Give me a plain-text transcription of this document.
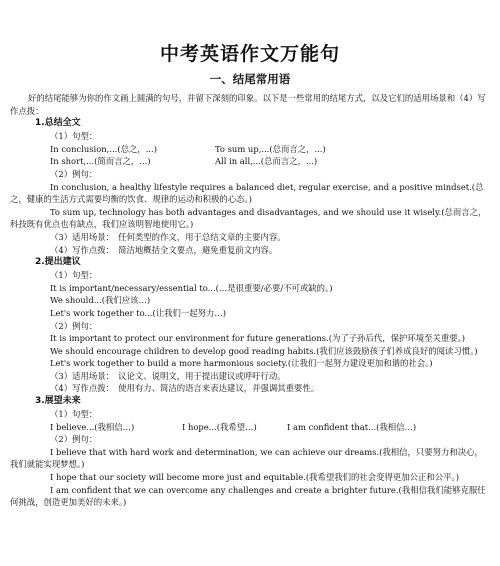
中考英语作文万能句
一、结尾常用语
好的结尾能够为你的作文画上圆满的句号，并留下深刻的印象。以下是一些常用的结尾方式，以及它们的适用场景和（4）写作点拨：
1.总结全文
（1）句型：
In conclusion,...(总之，...)	To sum up,...(总而言之，...)
In short,...(简而言之，...)	All in all,...(总而言之，...)
（2）例句：
In conclusion, a healthy lifestyle requires a balanced diet, regular exercise, and a positive mindset.(总之，健康的生活方式需要均衡的饮食、规律的运动和积极的心态。)
To sum up, technology has both advantages and disadvantages, and we should use it wisely.(总而言之，科技既有优点也有缺点，我们应该明智地使用它。)
（3）适用场景：　任何类型的作文，用于总结文章的主要内容。
（4）写作点拨：　简洁地概括全文要点，避免重复前文内容。
2.提出建议
（1）句型：
It is important/necessary/essential to...(…是很重要/必要/不可或缺的。)
We should...(我们应该…)
Let's work together to...(让我们一起努力…)
（2）例句：
It is important to protect our environment for future generations.(为了子孙后代，保护环境至关重要。)
We should encourage children to develop good reading habits.(我们应该鼓励孩子们养成良好的阅读习惯。)
Let's work together to build a more harmonious society.(让我们一起努力建设更加和谐的社会。)
（3）适用场景：　议论文、说明文，用于提出建议或呼吁行动。
（4）写作点拨：　使用有力、简洁的语言来表达建议，并强调其重要性。
3.展望未来
（1）句型：
I believe...(我相信…)	I hope...(我希望…)	I am confident that...(我相信…)
（2）例句：
I believe that with hard work and determination, we can achieve our dreams.(我相信，只要努力和决心，我们就能实现梦想。)
I hope that our society will become more just and equitable.(我希望我们的社会变得更加公正和公平。)
I am confident that we can overcome any challenges and create a brighter future.(我相信我们能够克服任何挑战，创造更加美好的未来。)
